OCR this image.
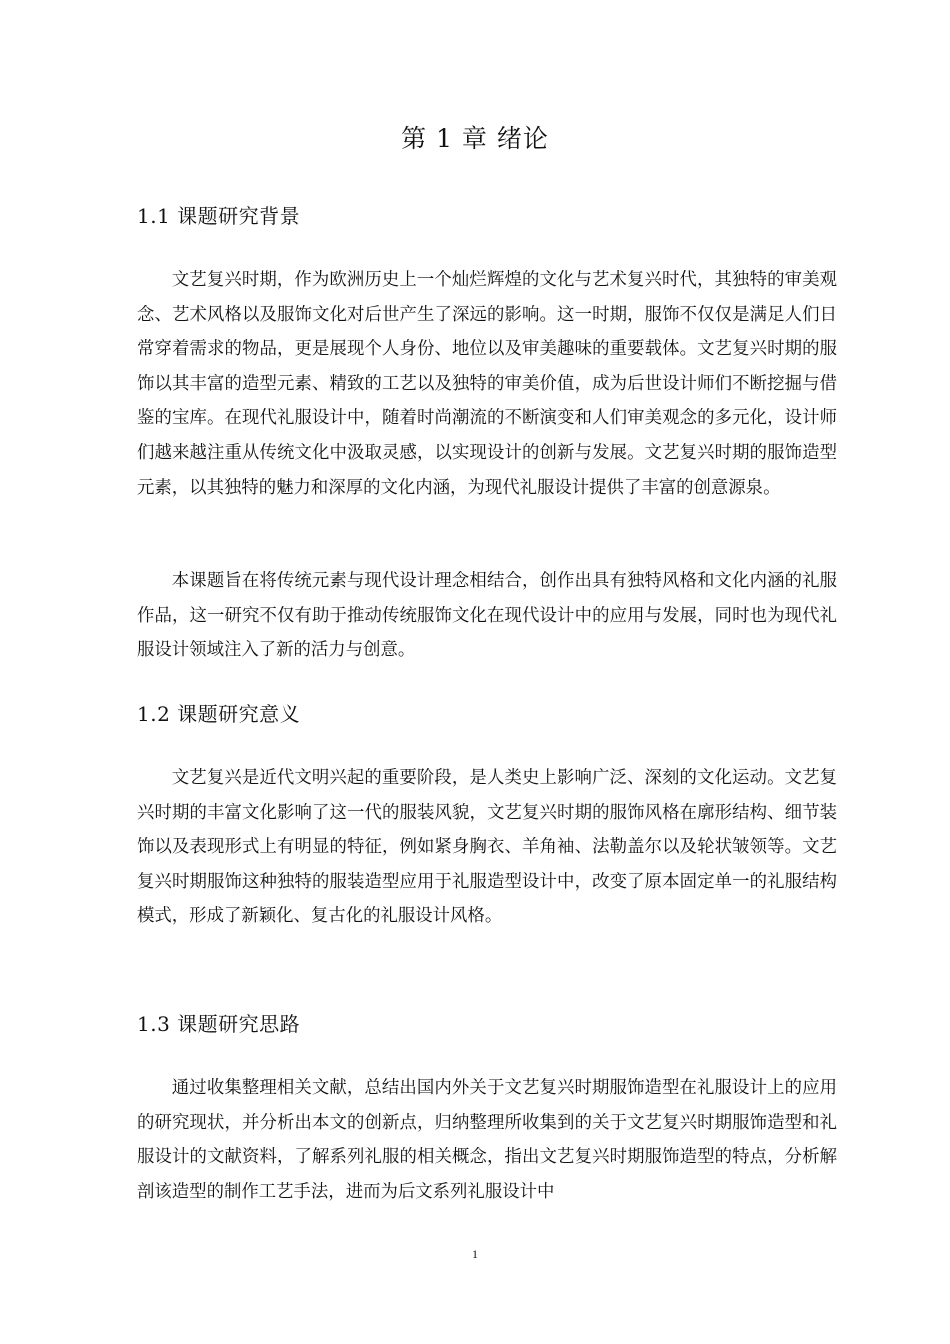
第 1 章 绪论
1.1 课题研究背景

文艺复兴时期，作为欧洲历史上一个灿烂辉煌的文化与艺术复兴时代，其独特的审美观念、艺术风格以及服饰文化对后世产生了深远的影响。这一时期，服饰不仅仅是满足人们日常穿着需求的物品，更是展现个人身份、地位以及审美趣味的重要载体。文艺复兴时期的服饰以其丰富的造型元素、精致的工艺以及独特的审美价值，成为后世设计师们不断挖掘与借鉴的宝库。在现代礼服设计中，随着时尚潮流的不断演变和人们审美观念的多元化，设计师们越来越注重从传统文化中汲取灵感，以实现设计的创新与发展。文艺复兴时期的服饰造型元素，以其独特的魅力和深厚的文化内涵，为现代礼服设计提供了丰富的创意源泉。

本课题旨在将传统元素与现代设计理念相结合，创作出具有独特风格和文化内涵的礼服作品，这一研究不仅有助于推动传统服饰文化在现代设计中的应用与发展，同时也为现代礼服设计领域注入了新的活力与创意。

1.2 课题研究意义

文艺复兴是近代文明兴起的重要阶段，是人类史上影响广泛、深刻的文化运动。文艺复兴时期的丰富文化影响了这一代的服装风貌，文艺复兴时期的服饰风格在廓形结构、细节装饰以及表现形式上有明显的特征，例如紧身胸衣、羊角袖、法勒盖尔以及轮状皱领等。文艺复兴时期服饰这种独特的服装造型应用于礼服造型设计中，改变了原本固定单一的礼服结构模式，形成了新颖化、复古化的礼服设计风格。

1.3 课题研究思路

通过收集整理相关文献，总结出国内外关于文艺复兴时期服饰造型在礼服设计上的应用的研究现状，并分析出本文的创新点，归纳整理所收集到的关于文艺复兴时期服饰造型和礼服设计的文献资料，了解系列礼服的相关概念，指出文艺复兴时期服饰造型的特点，分析解剖该造型的制作工艺手法，进而为后文系列礼服设计中

1
